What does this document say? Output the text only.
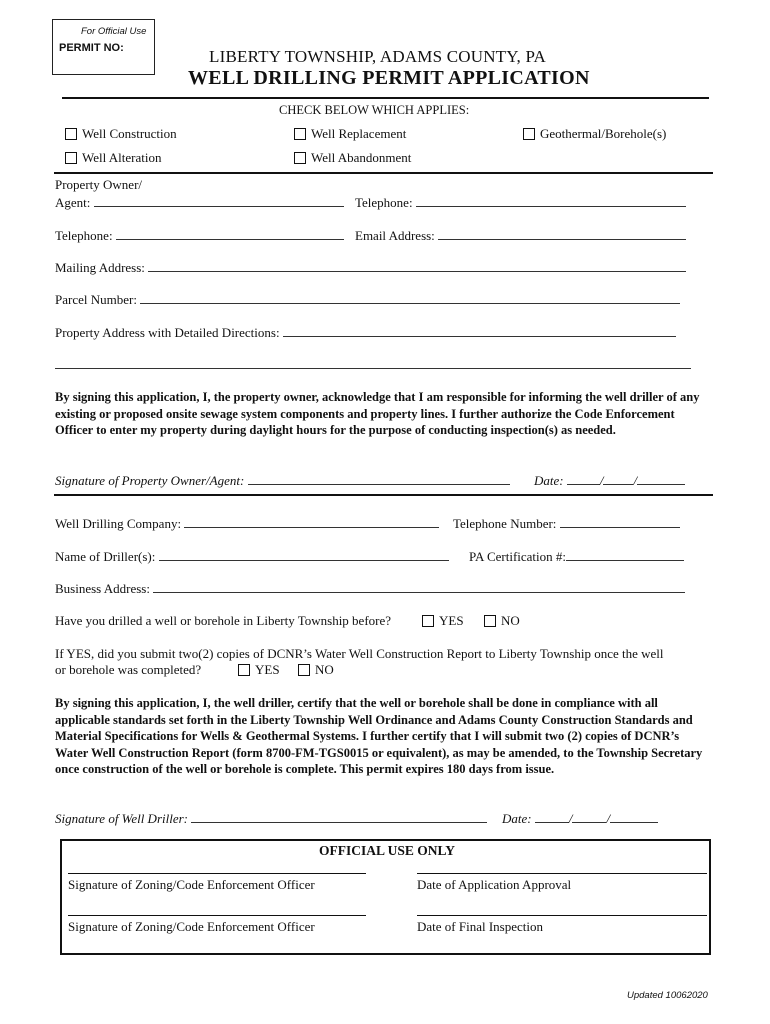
For Official Use
PERMIT NO:	LIBERTY TOWNSHIP, ADAMS COUNTY, PA
WELL DRILLING PERMIT APPLICATION
CHECK BELOW WHICH APPLIES:
Well Construction	Well Replacement	Geothermal/Borehole(s)
Well Alteration	Well Abandonment
Property Owner/
Agent:	Telephone:
Telephone:	Email Address:
Mailing Address:
Parcel Number:
Property Address with Detailed Directions:
By signing this application, I, the property owner, acknowledge that I am responsible for informing the well driller of any existing or proposed onsite sewage system components and property lines. I further authorize the Code Enforcement Officer to enter my property during daylight hours for the purpose of conducting inspection(s) as needed.
Signature of Property Owner/Agent:	Date:	/ /
Well Drilling Company:	Telephone Number:
Name of Driller(s):	PA Certification #:
Business Address:
Have you drilled a well or borehole in Liberty Township before?	YES	NO
If YES, did you submit two(2) copies of DCNR’s Water Well Construction Report to Liberty Township once the well
or borehole was completed?	YES	NO
By signing this application, I, the well driller, certify that the well or borehole shall be done in compliance with all applicable standards set forth in the Liberty Township Well Ordinance and Adams County Construction Standards and Material Specifications for Wells & Geothermal Systems. I further certify that I will submit two (2) copies of DCNR’s Water Well Construction Report (form 8700-FM-TGS0015 or equivalent), as may be amended, to the Township Secretary once construction of the well or borehole is complete. This permit expires 180 days from issue.
Signature of Well Driller:	Date:	/	/
OFFICIAL USE ONLY
Signature of Zoning/Code Enforcement Officer	Date of Application Approval
Signature of Zoning/Code Enforcement Officer	Date of Final Inspection
Updated 10062020
